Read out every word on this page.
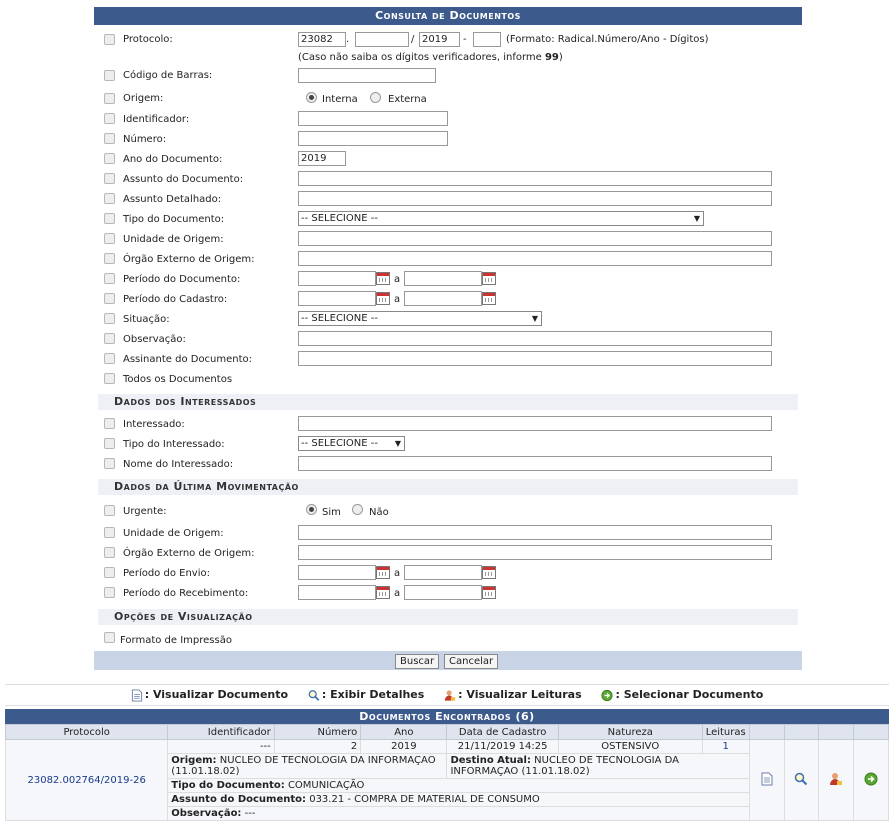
Consulta de Documentos
Protocolo:	23082	.	/ 2019	-	(Formato: Radical.Número/Ano - Dígitos)
(Caso não saiba os dígitos verificadores, informe 99)
Código de Barras:
Origem:	Interna	Externa
Identificador:
Número:
Ano do Documento:	2019
Assunto do Documento:
Assunto Detalhado:
Tipo do Documento:	-- SELECIONE --	▼
Unidade de Origem:
Órgão Externo de Origem:
Período do Documento:	a
Período do Cadastro:	a
Situação:	-- SELECIONE --	▼
Observação:
Assinante do Documento:
Todos os Documentos
Dados dos Interessados
Interessado:
Tipo do Interessado:	-- SELECIONE -- ▼
Nome do Interessado:
Dados da Última Movimentação
Urgente:	Sim	Não
Unidade de Origem:
Órgão Externo de Origem:
Período do Envio:	a
Período do Recebimento:	a
Opções de Visualização
Formato de Impressão
Buscar	Cancelar
: Visualizar Documento	: Exibir Detalhes	: Visualizar Leituras	: Selecionar Documento
Documentos Encontrados (6)
Protocolo	Identificador	Número	Ano	Data de Cadastro	Natureza	Leituras				
23082.002764/2019-26	---	2	2019	21/11/2019 14:25	OSTENSIVO	1				
	Origem: NUCLEO DE TECNOLOGIA DA INFORMAÇAO (11.01.18.02)			Destino Atual: NUCLEO DE TECNOLOGIA DA INFORMAÇAO (11.01.18.02)						
	Tipo do Documento: COMUNICAÇÃO									
	Assunto do Documento: 033.21 - COMPRA DE MATERIAL DE CONSUMO									
	Observação: ---									
